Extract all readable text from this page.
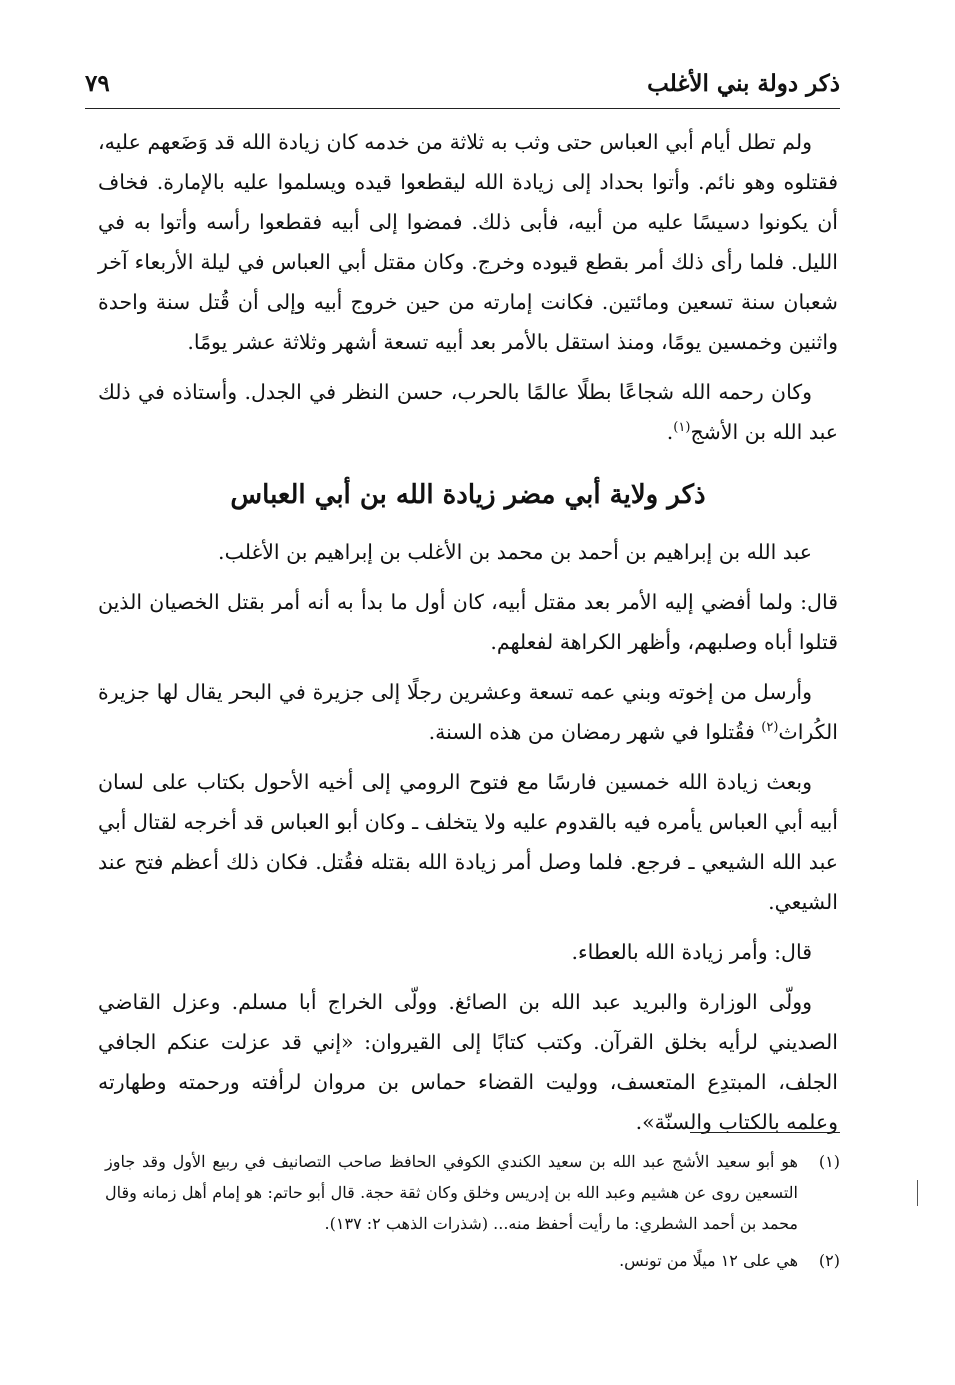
ذكر دولة بني الأغلب
٧٩

ولم تطل أيام أبي العباس حتى وثب به ثلاثة من خدمه كان زيادة الله قد وَضَعهم عليه، فقتلوه وهو نائم. وأتوا بحداد إلى زيادة الله ليقطعوا قيده ويسلموا عليه بالإمارة. فخاف أن يكونوا دسيسًا عليه من أبيه، فأبى ذلك. فمضوا إلى أبيه فقطعوا رأسه وأتوا به في الليل. فلما رأى ذلك أمر بقطع قيوده وخرج. وكان مقتل أبي العباس في ليلة الأربعاء آخر شعبان سنة تسعين ومائتين. فكانت إمارته من حين خروج أبيه وإلى أن قُتل سنة واحدة واثنين وخمسين يومًا، ومنذ استقل بالأمر بعد أبيه تسعة أشهر وثلاثة عشر يومًا.

وكان رحمه الله شجاعًا بطلًا عالمًا بالحرب، حسن النظر في الجدل. وأستاذه في ذلك عبد الله بن الأشج$^{(١)}$.

ذكر ولاية أبي مضر زيادة الله بن أبي العباس

عبد الله بن إبراهيم بن أحمد بن محمد بن الأغلب بن إبراهيم بن الأغلب.

قال: ولما أفضي إليه الأمر بعد مقتل أبيه، كان أول ما بدأ به أنه أمر بقتل الخصيان الذين قتلوا أباه وصلبهم، وأظهر الكراهة لفعلهم.

وأرسل من إخوته وبني عمه تسعة وعشرين رجلًا إلى جزيرة في البحر يقال لها جزيرة الكُراث$^{(٢)}$ فقُتلوا في شهر رمضان من هذه السنة.

وبعث زيادة الله خمسين فارسًا مع فتوح الرومي إلى أخيه الأحول بكتاب على لسان أبيه أبي العباس يأمره فيه بالقدوم عليه ولا يتخلف ـ وكان أبو العباس قد أخرجه لقتال أبي عبد الله الشيعي ـ فرجع. فلما وصل أمر زيادة الله بقتله فقُتل. فكان ذلك أعظم فتح عند الشيعي.

قال: وأمر زيادة الله بالعطاء.

وولّى الوزارة والبريد عبد الله بن الصائغ. وولّى الخراج أبا مسلم. وعزل القاضي الصديني لرأيه بخلق القرآن. وكتب كتابًا إلى القيروان: «إني قد عزلت عنكم الجافي الجلف، المبتدِع المتعسف، ووليت القضاء حماس بن مروان لرأفته ورحمته وطهارته وعلمه بالكتاب والسنّة».

(١)
هو أبو سعيد الأشج عبد الله بن سعيد الكندي الكوفي الحافظ صاحب التصانيف في ربيع الأول وقد جاوز التسعين روى عن هشيم وعبد الله بن إدريس وخلق وكان ثقة حجة. قال أبو حاتم: هو إمام أهل زمانه وقال محمد بن أحمد الشطري: ما رأيت أحفظ منه... (شذرات الذهب ٢: ١٣٧).
(٢)
هي على ١٢ ميلًا من تونس.
